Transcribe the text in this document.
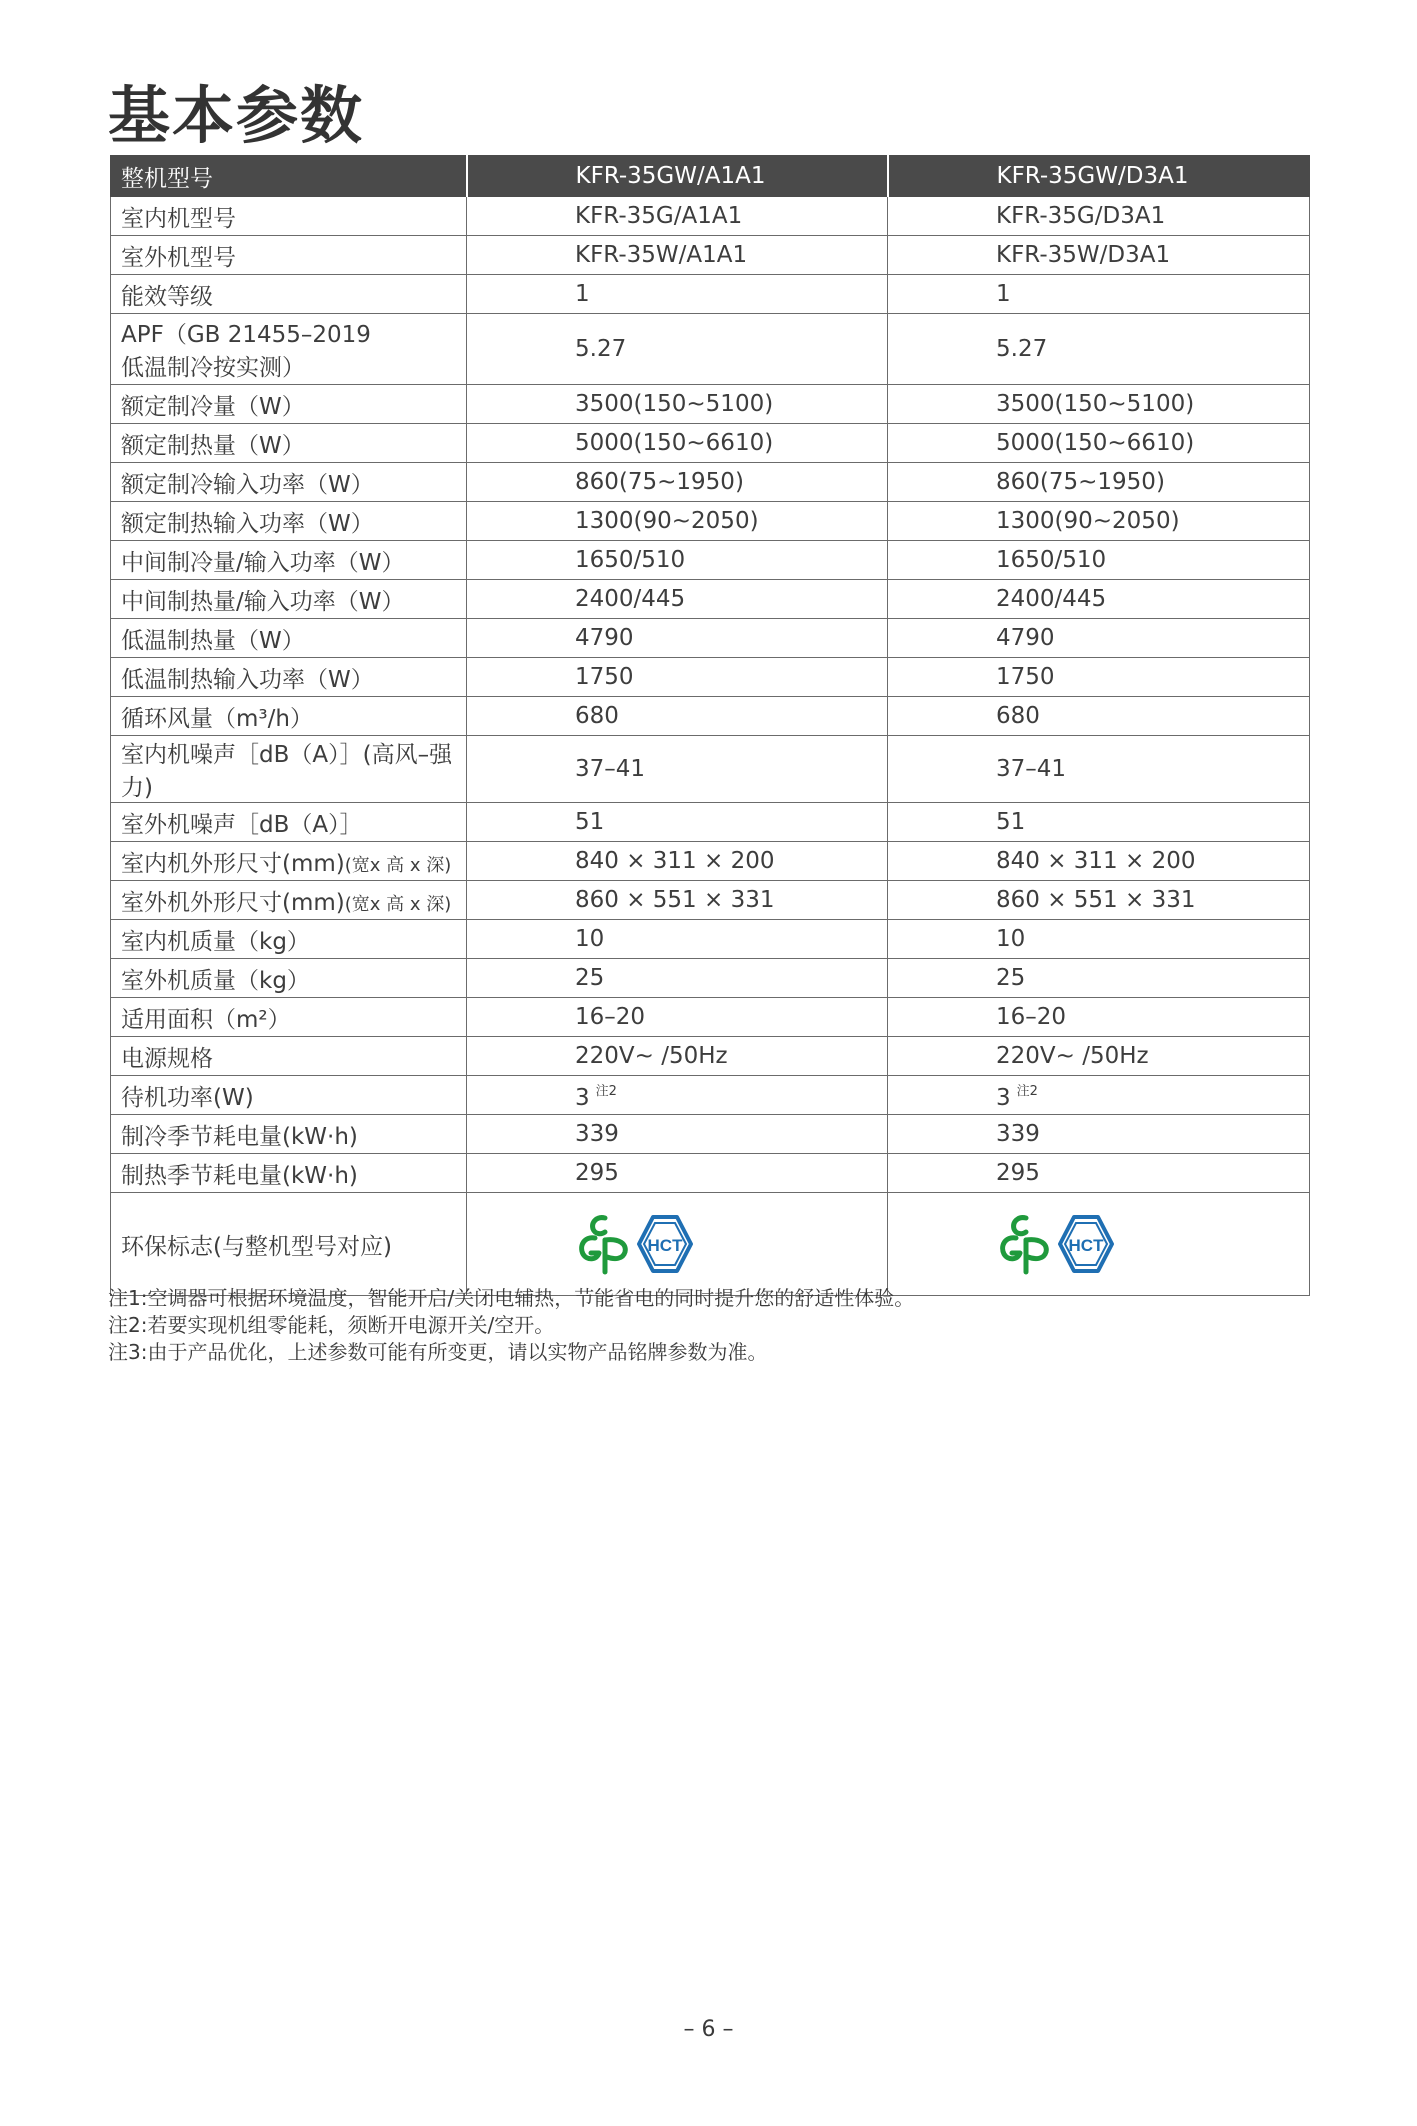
基本参数
整机型号	KFR-35GW/A1A1	KFR-35GW/D3A1
室内机型号	KFR-35G/A1A1	KFR-35G/D3A1
室外机型号	KFR-35W/A1A1	KFR-35W/D3A1
能效等级	1	1
APF（GB 21455–2019
低温制冷按实测）	5.27	5.27
额定制冷量（W）	3500(150~5100)	3500(150~5100)
额定制热量（W）	5000(150~6610)	5000(150~6610)
额定制冷输入功率（W）	860(75~1950)	860(75~1950)
额定制热输入功率（W）	1300(90~2050)	1300(90~2050)
中间制冷量/输入功率（W）	1650/510	1650/510
中间制热量/输入功率（W）	2400/445	2400/445
低温制热量（W）	4790	4790
低温制热输入功率（W）	1750	1750
循环风量（m³/h）	680	680
室内机噪声［dB（A）］(高风–强力)	37–41	37–41
室外机噪声［dB（A）］	51	51
室内机外形尺寸(mm)(宽x 高 x 深)	840 × 311 × 200	840 × 311 × 200
室外机外形尺寸(mm)(宽x 高 x 深)	860 × 551 × 331	860 × 551 × 331
室内机质量（kg）	10	10
室外机质量（kg）	25	25
适用面积（m²）	16–20	16–20
电源规格	220V~ /50Hz	220V~ /50Hz
待机功率(W)	3 $^{注2}$	3 $^{注2}$
制冷季节耗电量(kW·h)	339	339
制热季节耗电量(kW·h)	295	295
环保标志(与整机型号对应)	HCT	HCT

注1:空调器可根据环境温度，智能开启/关闭电辅热，节能省电的同时提升您的舒适性体验。

注2:若要实现机组零能耗，须断开电源开关/空开。

注3:由于产品优化，上述参数可能有所变更，请以实物产品铭牌参数为准。

– 6 –
